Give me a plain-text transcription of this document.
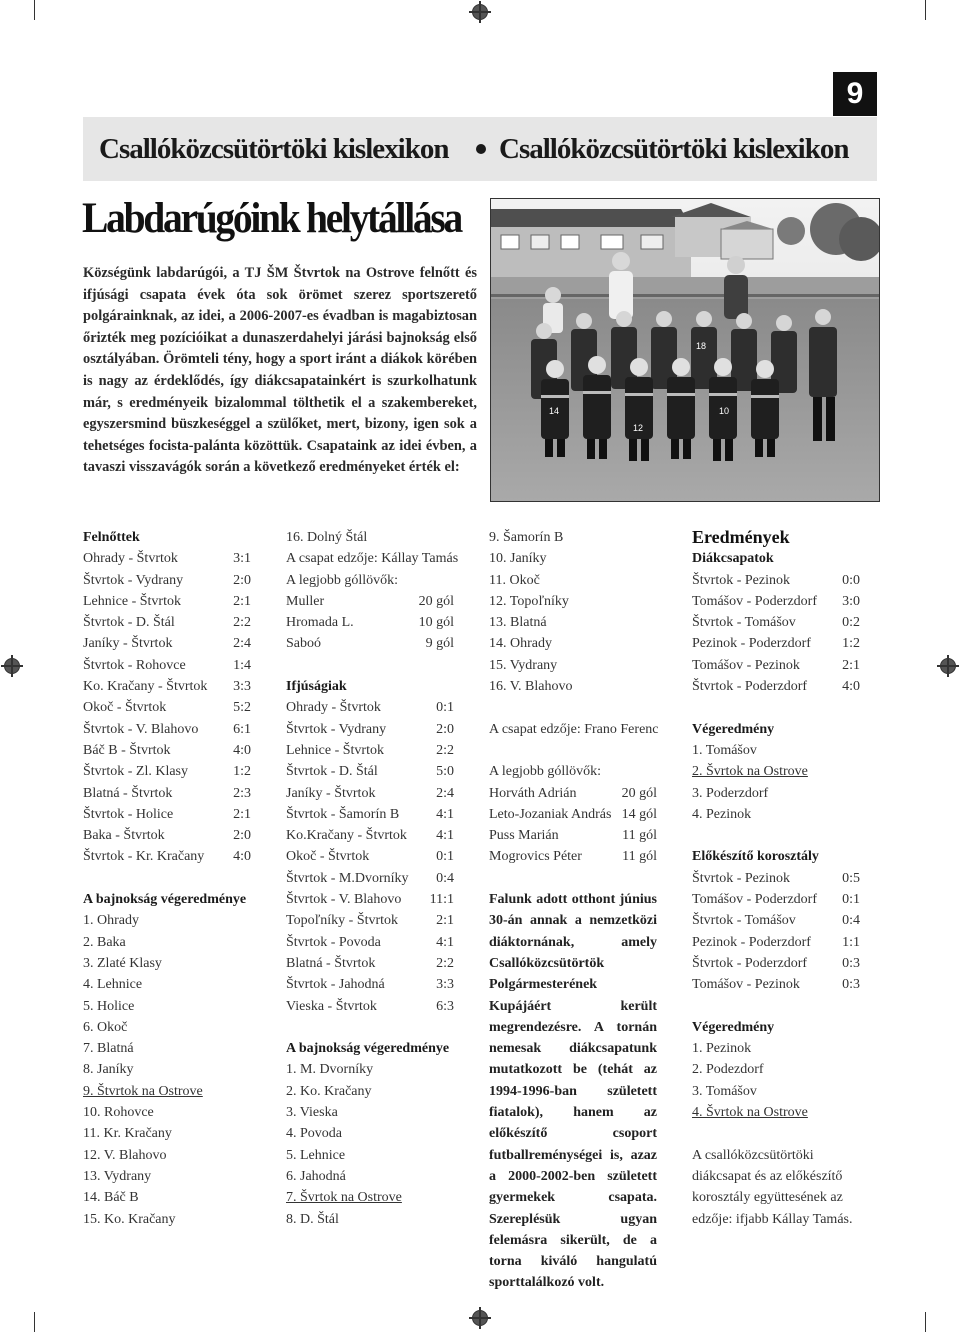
9
Csallóközcsütörtöki kislexikon Csallóközcsütörtöki kislexikon
Labdarúgóink helytállása

Községünk labdarúgói, a TJ ŠM Štvrtok na Ostrove felnőtt és ifjúsági csapata évek óta sok örömet szerez sportszerető polgárainknak, az idei, a 2006-2007-es évadban is magabiztosan őrizték meg pozícióikat a dunaszerdahelyi járási bajnokság első osztályában. Örömteli tény, hogy a sport iránt a diákok körében is nagy az érdeklődés, így diákcsapatainkért is szurkolhatunk már, s eredményeik bizalommal tölthetik el a szakembereket, egyszersmind büszkeséggel a szülőket, mert, bizony, igen sok a tehetséges focista-palánta közöttük. Csapataink az idei évben, a tavaszi visszavágók során a következő eredményeket érték el:

14
12
10
18
Felnőttek
Ohrady - Štvrtok	3:1
Štvrtok - Vydrany	2:0
Lehnice - Štvrtok	2:1
Štvrtok - D. Štál	2:2
Janíky - Štvrtok	2:4
Štvrtok - Rohovce	1:4
Ko. Kračany - Štvrtok 3:3
Okoč - Štvrtok	5:2
Štvrtok - V. Blahovo 6:1
Báč B - Štvrtok	4:0
Štvrtok - Zl. Klasy	1:2
Blatná - Štvrtok	2:3
Štvrtok - Holice	2:1
Baka - Štvrtok	2:0
Štvrtok - Kr. Kračany 4:0
A bajnokság végeredménye
1. Ohrady
2. Baka
3. Zlaté Klasy
4. Lehnice
5. Holice
6. Okoč
7. Blatná
8. Janíky
9. Štvrtok na Ostrove
10. Rohovce
11. Kr. Kračany
12. V. Blahovo
13. Vydrany
14. Báč B
15. Ko. Kračany
16. Dolný Štál
A csapat edzője: Kállay Tamás
A legjobb góllövők:
Muller	20 gól
Hromada L.	10 gól
Saboó	9 gól
Ifjúságiak
Ohrady - Štvrtok	0:1
Štvrtok - Vydrany	2:0
Lehnice - Štvrtok	2:2
Štvrtok - D. Štál	5:0
Janíky - Štvrtok	2:4
Štvrtok - Šamorín B	4:1
Ko.Kračany - Štvrtok 4:1
Okoč - Štvrtok	0:1
Štvrtok - M.Dvorníky 0:4
Štvrtok - V. Blahovo 11:1
Topoľníky - Štvrtok	2:1
Štvrtok - Povoda	4:1
Blatná - Štvrtok	2:2
Štvrtok - Jahodná	3:3
Vieska - Štvrtok	6:3
A bajnokság végeredménye
1. M. Dvorníky
2. Ko. Kračany
3. Vieska
4. Povoda
5. Lehnice
6. Jahodná
7. Švrtok na Ostrove
8. D. Štál
9. Šamorín B
10. Janíky
11. Okoč
12. Topoľníky
13. Blatná
14. Ohrady
15. Vydrany
16. V. Blahovo
A csapat edzője: Frano Ferenc
A legjobb góllövők:
Horváth Adrián	20 gól
Leto-Jozaniak András 14 gól
Puss Marián	11 gól
Mogrovics Péter	11 gól

Falunk adott otthont június 30-án annak a nemzetközi diáktornának, amely Csallóközcsütörtök Polgármesterének Kupájáért került megrendezésre. A tornán nemesak diákcsapatunk mutatkozott be (tehát az 1994-1996-ban született fiatalok), hanem az előkészítő csoport futballreménységei is, azaz a 2000-2002-ben született gyermekek csapata. Szereplésük ugyan felemásra sikerült, de a torna kiváló hangulatú sporttalálkozó volt.

Eredmények
Diákcsapatok
Štvrtok - Pezinok	0:0
Tomášov - Poderzdorf 3:0
Štvrtok - Tomášov	0:2
Pezinok - Poderzdorf 1:2
Tomášov - Pezinok	2:1
Štvrtok - Poderzdorf	4:0
Végeredmény
1. Tomášov
2. Švrtok na Ostrove
3. Poderzdorf
4. Pezinok
Előkészítő korosztály
Štvrtok - Pezinok	0:5
Tomášov - Poderzdorf 0:1
Štvrtok - Tomášov	0:4
Pezinok - Poderzdorf 1:1
Štvrtok - Poderzdorf	0:3
Tomášov - Pezinok	0:3
Végeredmény
1. Pezinok
2. Podezdorf
3. Tomášov
4. Švrtok na Ostrove

A csallóközcsütörtöki diákcsapat és az előkészítő korosztály együttesének az edzője: ifjabb Kállay Tamás.
